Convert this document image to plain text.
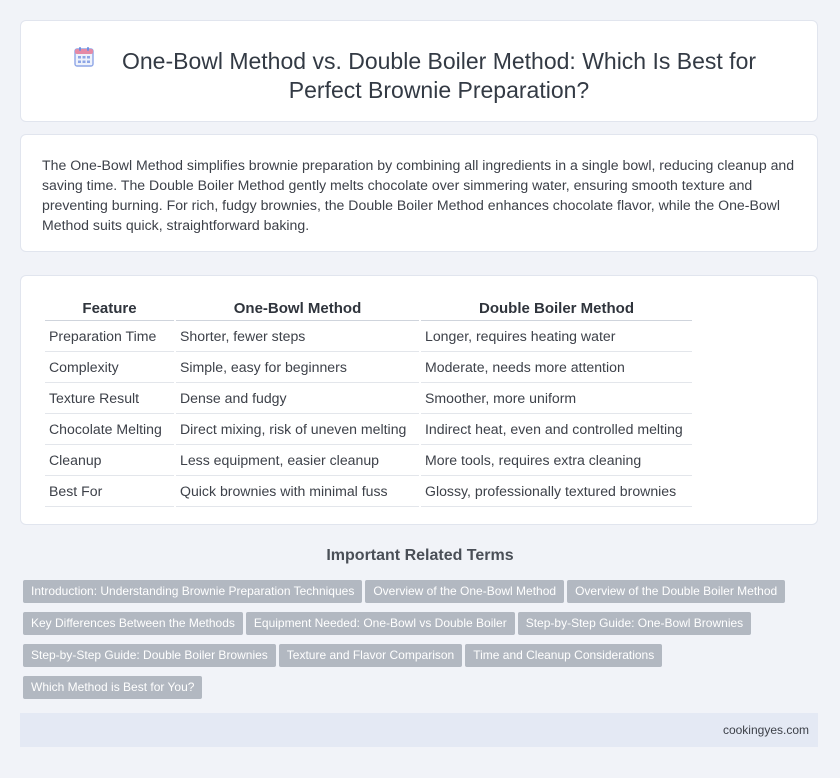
One-Bowl Method vs. Double Boiler Method: Which Is Best for Perfect Brownie Preparation?

The One-Bowl Method simplifies brownie preparation by combining all ingredients in a single bowl, reducing cleanup and saving time. The Double Boiler Method gently melts chocolate over simmering water, ensuring smooth texture and preventing burning. For rich, fudgy brownies, the Double Boiler Method enhances chocolate flavor, while the One-Bowl Method suits quick, straightforward baking.

Feature	One-Bowl Method	Double Boiler Method
Preparation Time	Shorter, fewer steps	Longer, requires heating water
Complexity	Simple, easy for beginners	Moderate, needs more attention
Texture Result	Dense and fudgy	Smoother, more uniform
Chocolate Melting	Direct mixing, risk of uneven melting	Indirect heat, even and controlled melting
Cleanup	Less equipment, easier cleanup	More tools, requires extra cleaning
Best For	Quick brownies with minimal fuss	Glossy, professionally textured brownies
Important Related Terms
Introduction: Understanding Brownie Preparation Techniques Overview of the One-Bowl Method Overview of the Double Boiler Method
Key Differences Between the Methods Equipment Needed: One-Bowl vs Double Boiler Step-by-Step Guide: One-Bowl Brownies
Step-by-Step Guide: Double Boiler Brownies Texture and Flavor Comparison Time and Cleanup Considerations
Which Method is Best for You?
cookingyes.com
